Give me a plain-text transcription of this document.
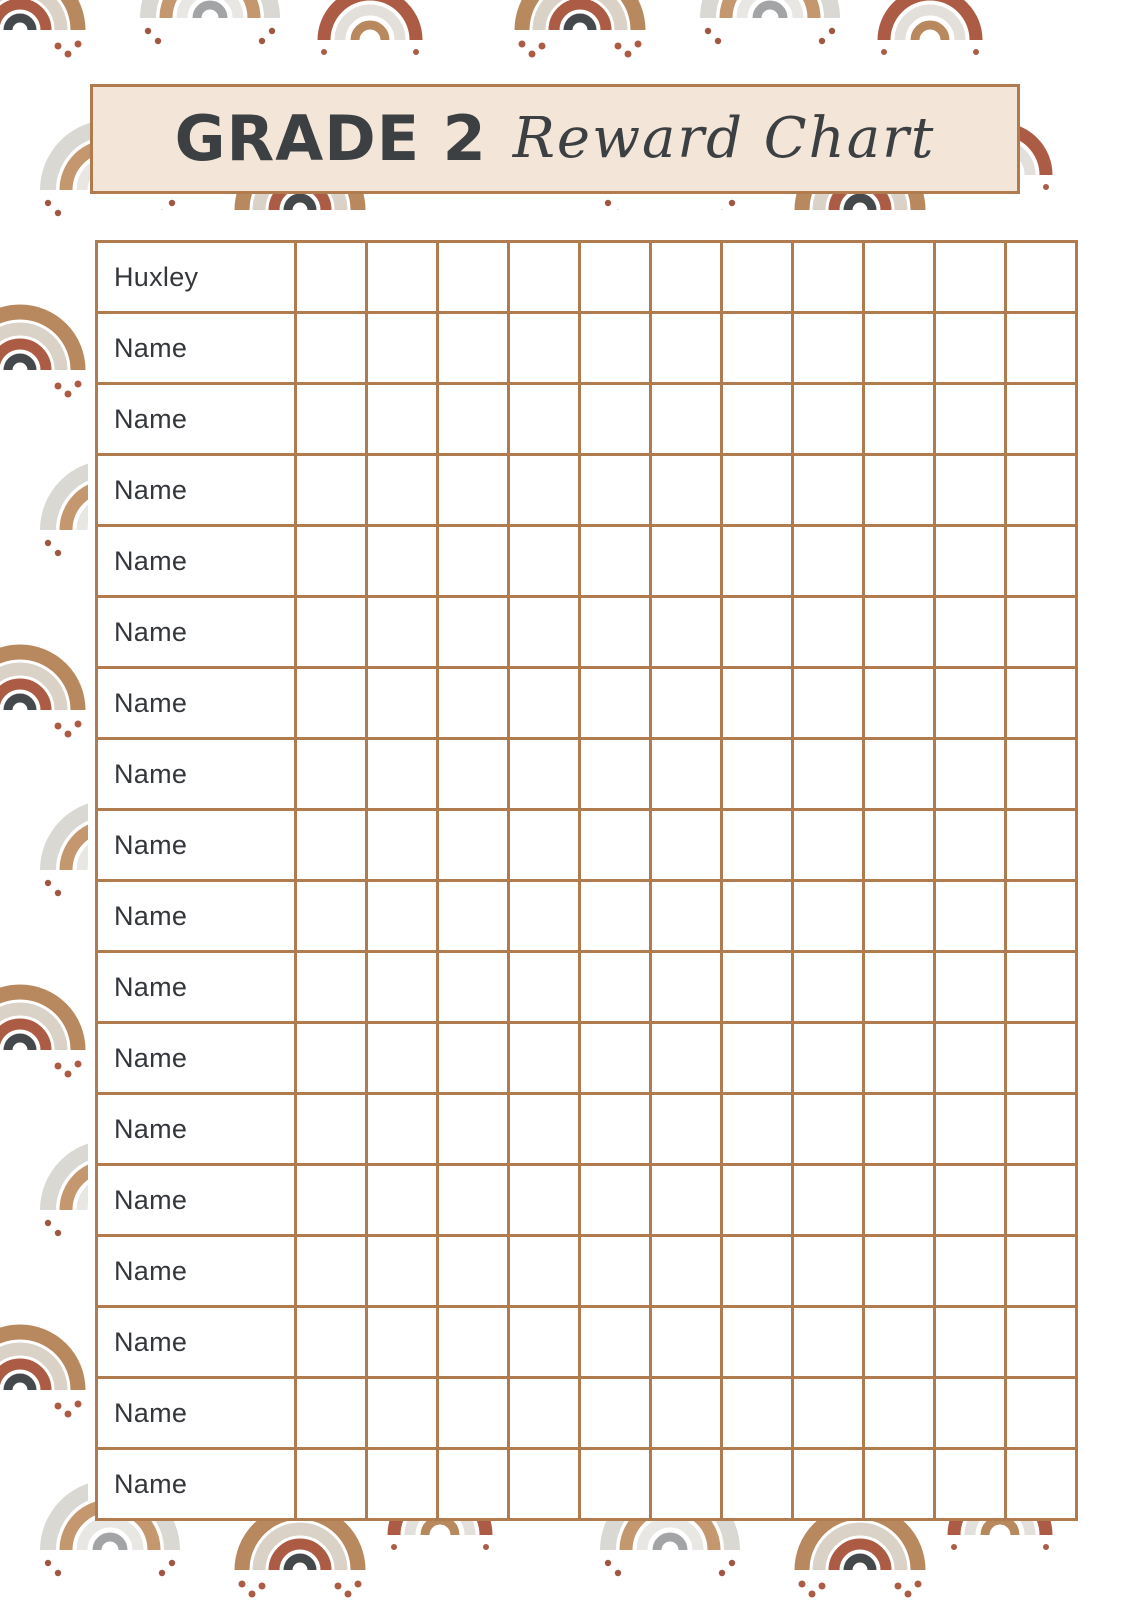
GRADE 2 Reward Chart
Huxley											
Name											
Name											
Name											
Name											
Name											
Name											
Name											
Name											
Name											
Name											
Name											
Name											
Name											
Name											
Name											
Name											
Name											
